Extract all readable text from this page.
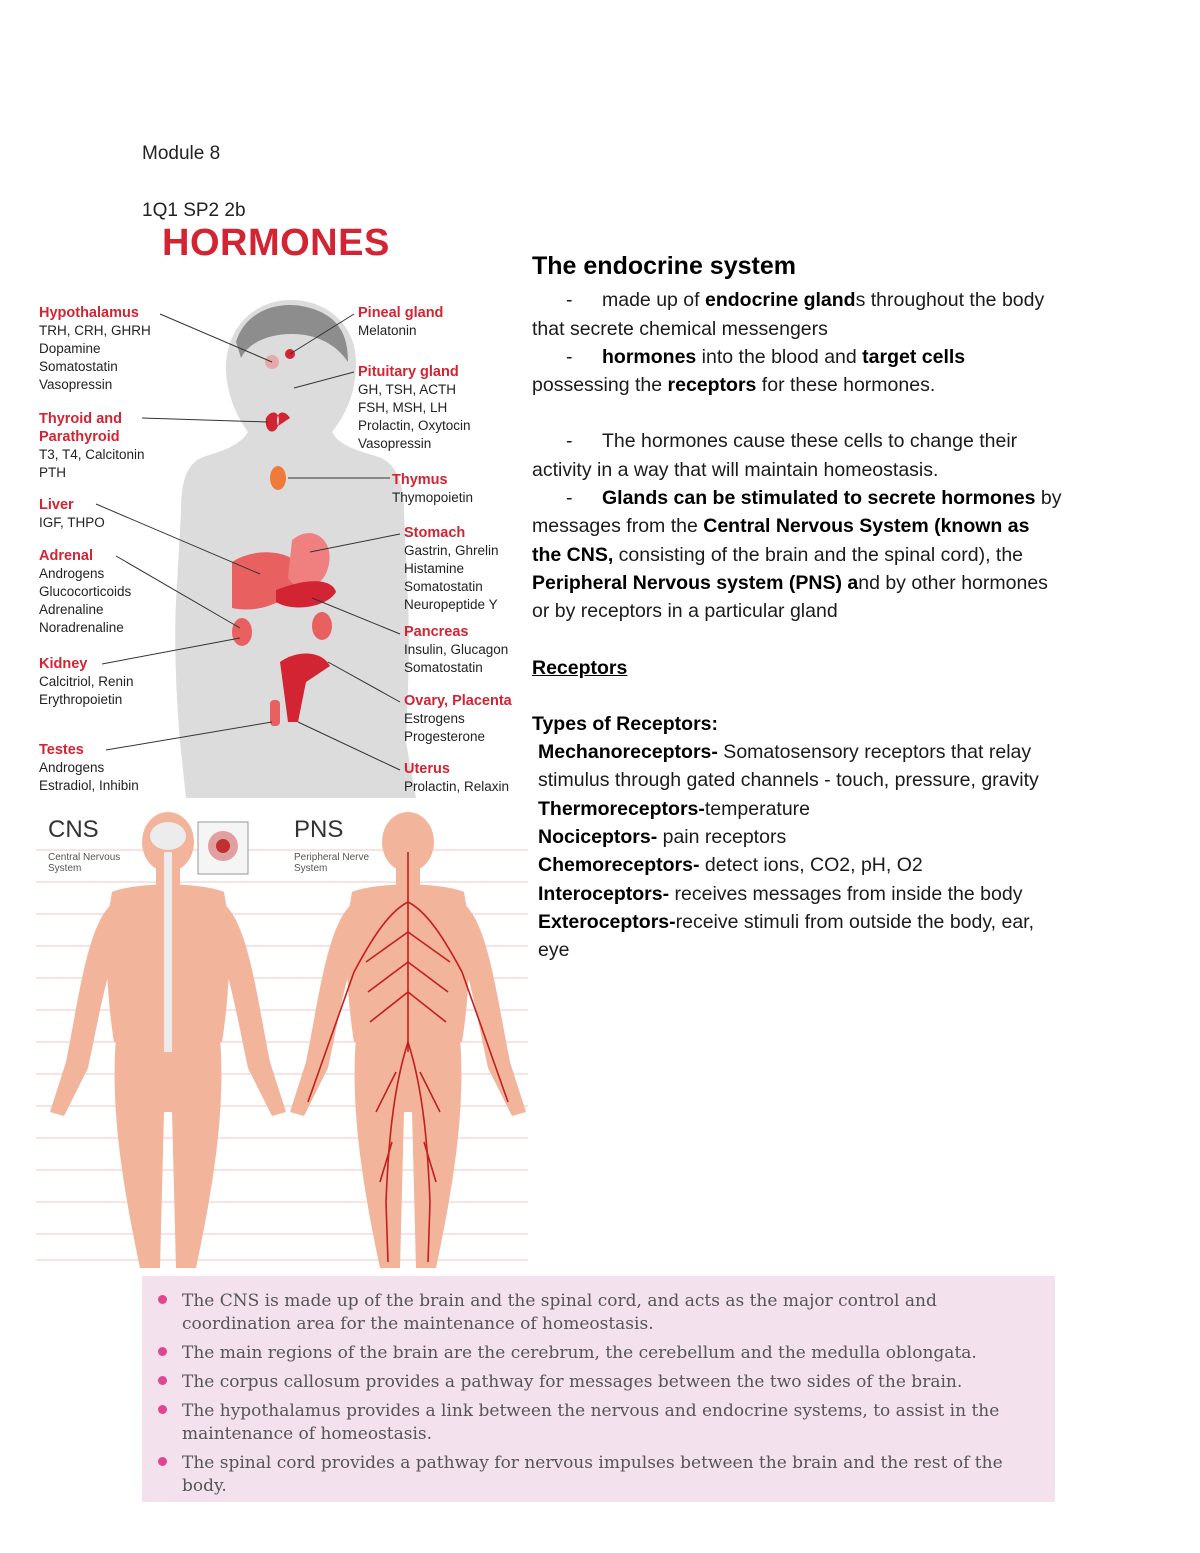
Module 8
1Q1 SP2 2b
HORMONES
Hypothalamus
TRH, CRH, GHRH
Dopamine
Somatostatin
Vasopressin
Thyroid and
Parathyroid
T3, T4, Calcitonin
PTH
Liver
IGF, THPO
Adrenal
Androgens
Glucocorticoids
Adrenaline
Noradrenaline
Kidney
Calcitriol, Renin
Erythropoietin
Testes
Androgens
Estradiol, Inhibin
Pineal gland
Melatonin
Pituitary gland
GH, TSH, ACTH
FSH, MSH, LH
Prolactin, Oxytocin
Vasopressin
Thymus
Thymopoietin
Stomach
Gastrin, Ghrelin
Histamine
Somatostatin
Neuropeptide Y
Pancreas
Insulin, Glucagon
Somatostatin
Ovary, Placenta
Estrogens
Progesterone
Uterus
Prolactin, Relaxin
CNS
Central Nervous
System
PNS
Peripheral Nerve
System

The endocrine system

- made up of endocrine glands throughout the body that secrete chemical messengers

- hormones into the blood and target cells possessing the receptors for these hormones.

- The hormones cause these cells to change their activity in a way that will maintain homeostasis.

- Glands can be stimulated to secrete hormones by messages from the Central Nervous System (known as the CNS, consisting of the brain and the spinal cord), the Peripheral Nervous system (PNS) and by other hormones or by receptors in a particular gland

Receptors

Types of Receptors:

Mechanoreceptors- Somatosensory receptors that relay stimulus through gated channels - touch, pressure, gravity

Thermoreceptors-temperature

Nociceptors- pain receptors

Chemoreceptors- detect ions, CO2, pH, O2

Interoceptors- receives messages from inside the body

Exteroceptors-receive stimuli from outside the body, ear, eye

The CNS is made up of the brain and the spinal cord, and acts as the major control and coordination area for the maintenance of homeostasis.
The main regions of the brain are the cerebrum, the cerebellum and the medulla oblongata.
The corpus callosum provides a pathway for messages between the two sides of the brain.
The hypothalamus provides a link between the nervous and endocrine systems, to assist in the maintenance of homeostasis.
The spinal cord provides a pathway for nervous impulses between the brain and the rest of the body.
